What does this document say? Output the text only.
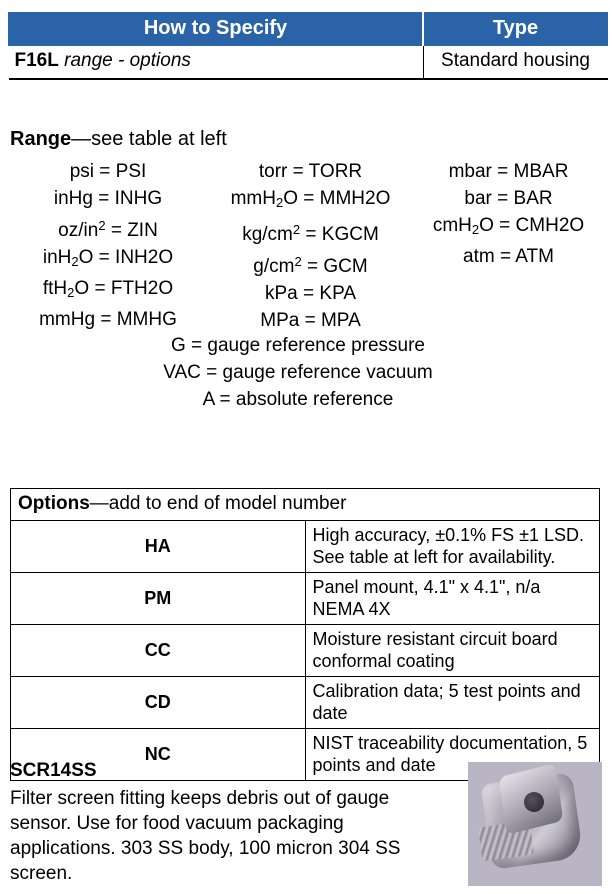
How to Specify	Type
F16L range - options	Standard housing
Range—see table at left
psi = PSI
inHg = INHG
$oz/in^2$ = ZIN
inH$_2$O = INH2O
ftH$_2$O = FTH2O
mmHg = MMHG
torr = TORR
mmH$_2$O = MMH2O
$kg/cm^2$ = KGCM
$g/cm^2$ = GCM
kPa = KPA
MPa = MPA
mbar = MBAR
bar = BAR
cmH$_2$O = CMH2O
atm = ATM
G = gauge reference pressure
VAC = gauge reference vacuum
A = absolute reference
Options—add to end of model number	
HA	High accuracy, ±0.1% FS ±1 LSD. See table at left for availability.
PM	Panel mount, 4.1" x 4.1", n/a NEMA 4X
CC	Moisture resistant circuit board conformal coating
CD	Calibration data; 5 test points and date
NC	NIST traceability documentation, 5 points and date
SCR14SS
Filter screen fitting keeps debris out of gauge sensor. Use for food vacuum packaging applications. 303 SS body, 100 micron 304 SS screen.
